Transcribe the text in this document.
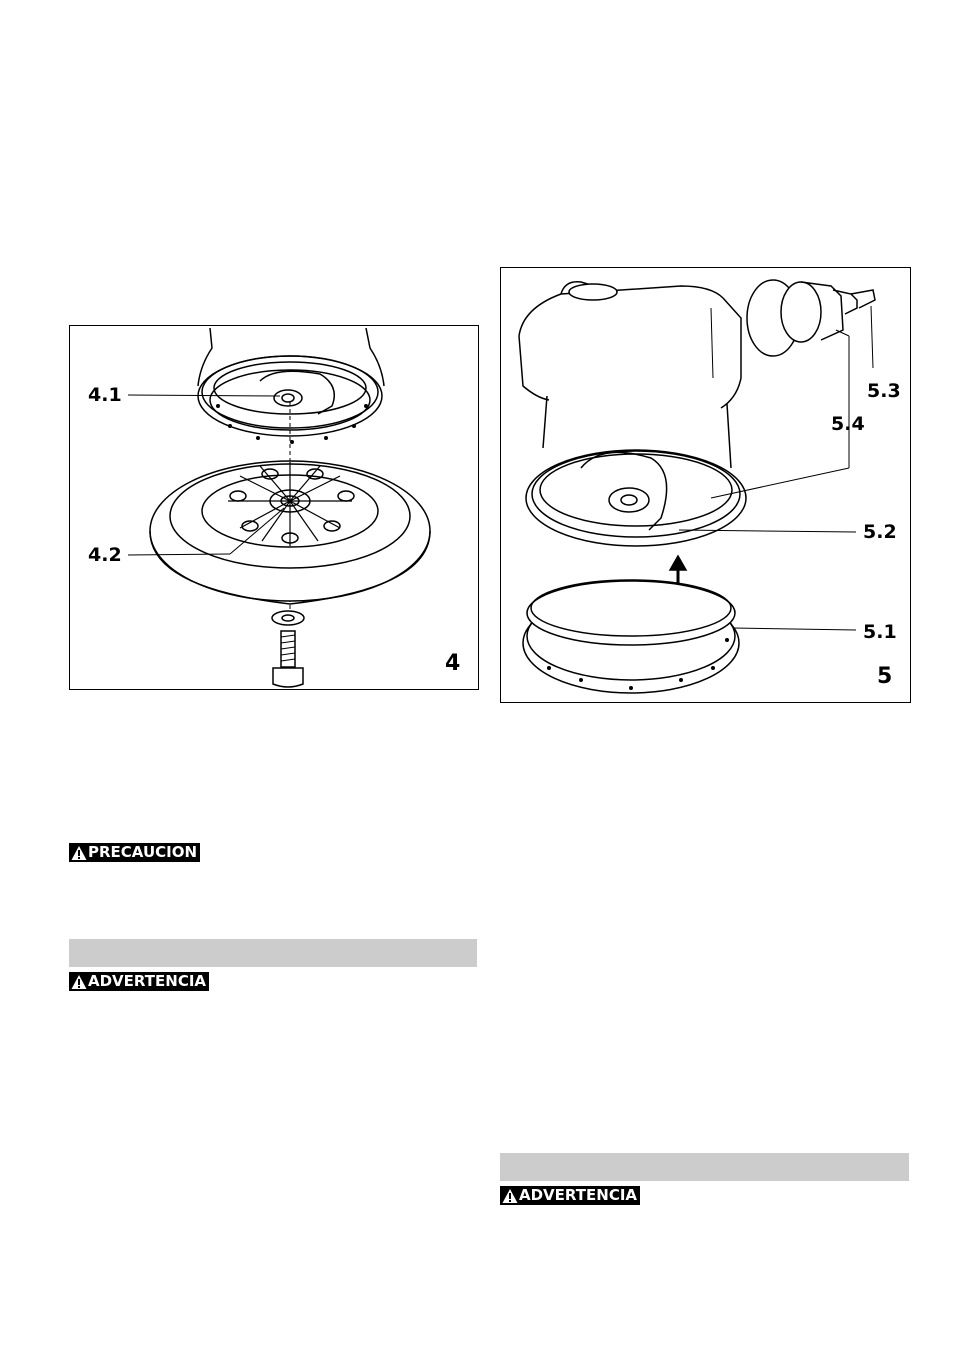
4.1
4.2
4
5.3
5.4
5.2
5.1
5
PRECAUCION
ADVERTENCIA
ADVERTENCIA
